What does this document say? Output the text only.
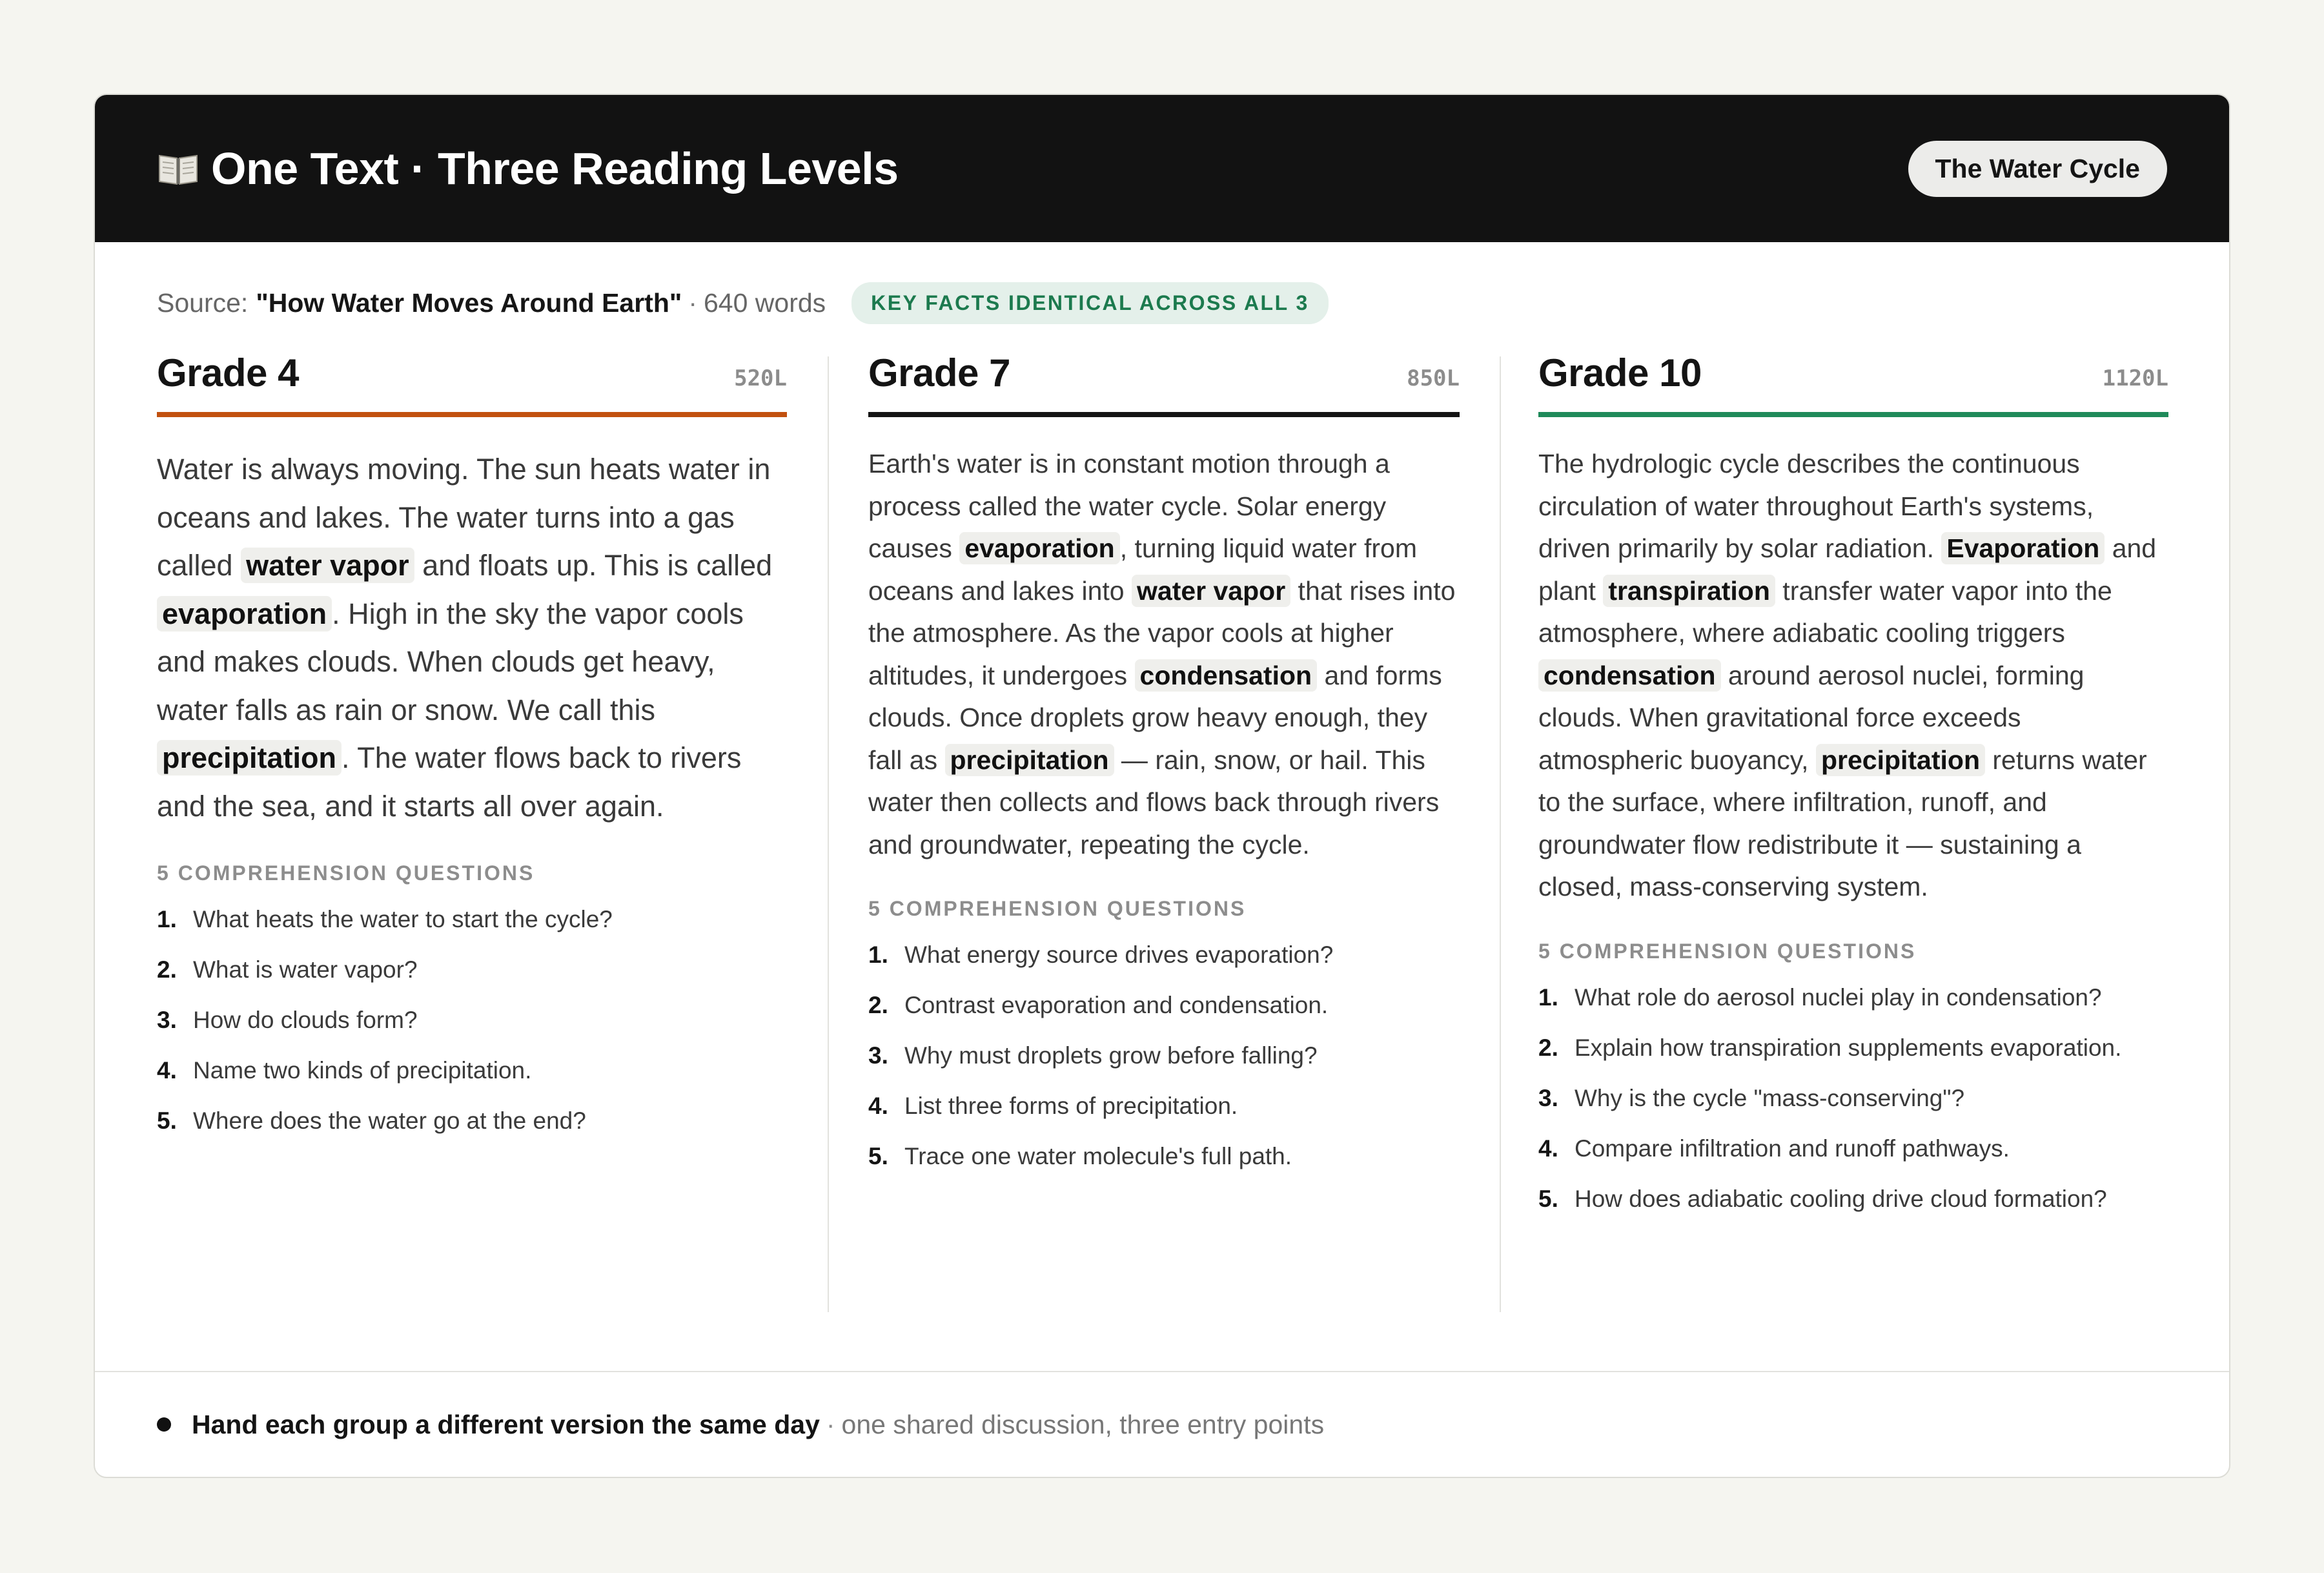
One Text · Three Reading Levels	The Water Cycle
Source: "How Water Moves Around Earth" · 640 words	KEY FACTS IDENTICAL ACROSS ALL 3
Grade 4	520L
Water is always moving. The sun heats water in oceans and lakes. The water turns into a gas called water vapor and floats up. This is called evaporation . High in the sky the vapor cools and makes clouds. When clouds get heavy, water falls as rain or snow. We call this precipitation . The water flows back to rivers and the sea, and it starts all over again.
5 COMPREHENSION QUESTIONS
1. What heats the water to start the cycle?
2. What is water vapor?
3. How do clouds form?
4. Name two kinds of precipitation.
5. Where does the water go at the end?
Grade 7	850L
Earth's water is in constant motion through a process called the water cycle. Solar energy causes evaporation , turning liquid water from oceans and lakes into water vapor that rises into the atmosphere. As the vapor cools at higher altitudes, it undergoes condensation and forms clouds. Once droplets grow heavy enough, they fall as precipitation — rain, snow, or hail. This water then collects and flows back through rivers and groundwater, repeating the cycle.
5 COMPREHENSION QUESTIONS
1. What energy source drives evaporation?
2. Contrast evaporation and condensation.
3. Why must droplets grow before falling?
4. List three forms of precipitation.
5. Trace one water molecule's full path.
Grade 10	1120L
The hydrologic cycle describes the continuous circulation of water throughout Earth's systems, driven primarily by solar radiation. Evaporation and plant transpiration transfer water vapor into the atmosphere, where adiabatic cooling triggers condensation around aerosol nuclei, forming clouds. When gravitational force exceeds atmospheric buoyancy, precipitation returns water to the surface, where infiltration, runoff, and groundwater flow redistribute it — sustaining a closed, mass-conserving system.
5 COMPREHENSION QUESTIONS
1. What role do aerosol nuclei play in condensation?
2. Explain how transpiration supplements evaporation.
3. Why is the cycle "mass-conserving"?
4. Compare infiltration and runoff pathways.
5. How does adiabatic cooling drive cloud formation?
Hand each group a different version the same day · one shared discussion, three entry points
